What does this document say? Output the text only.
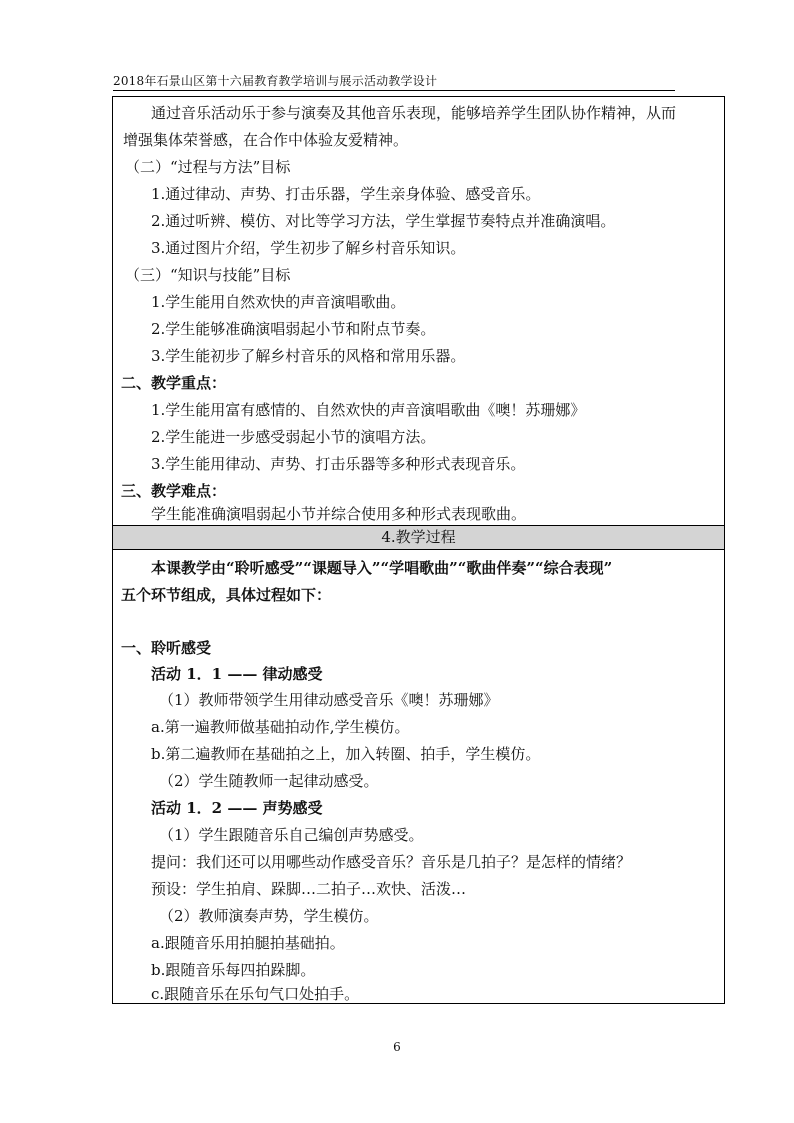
2018年石景山区第十六届教育教学培训与展示活动教学设计
通过音乐活动乐于参与演奏及其他音乐表现，能够培养学生团队协作精神，从而
增强集体荣誉感，在合作中体验友爱精神。
（二）“过程与方法”目标
1.通过律动、声势、打击乐器，学生亲身体验、感受音乐。
2.通过听辨、模仿、对比等学习方法，学生掌握节奏特点并准确演唱。
3.通过图片介绍，学生初步了解乡村音乐知识。
（三）“知识与技能”目标
1.学生能用自然欢快的声音演唱歌曲。
2.学生能够准确演唱弱起小节和附点节奏。
3.学生能初步了解乡村音乐的风格和常用乐器。
二、教学重点：
1.学生能用富有感情的、自然欢快的声音演唱歌曲《噢！苏珊娜》
2.学生能进一步感受弱起小节的演唱方法。
3.学生能用律动、声势、打击乐器等多种形式表现音乐。
三、教学难点：
学生能准确演唱弱起小节并综合使用多种形式表现歌曲。
4.教学过程
本课教学由“聆听感受”“课题导入”“学唱歌曲”“歌曲伴奏”“综合表现”
五个环节组成，具体过程如下：
一、聆听感受
活动 1．1 —— 律动感受
（1）教师带领学生用律动感受音乐《噢！苏珊娜》
a.第一遍教师做基础拍动作,学生模仿。
b.第二遍教师在基础拍之上，加入转圈、拍手，学生模仿。
（2）学生随教师一起律动感受。
活动 1．2 —— 声势感受
（1）学生跟随音乐自己编创声势感受。
提问：我们还可以用哪些动作感受音乐？音乐是几拍子？是怎样的情绪？
预设：学生拍肩、跺脚…二拍子…欢快、活泼…
（2）教师演奏声势，学生模仿。
a.跟随音乐用拍腿拍基础拍。
b.跟随音乐每四拍跺脚。
c.跟随音乐在乐句气口处拍手。
6
